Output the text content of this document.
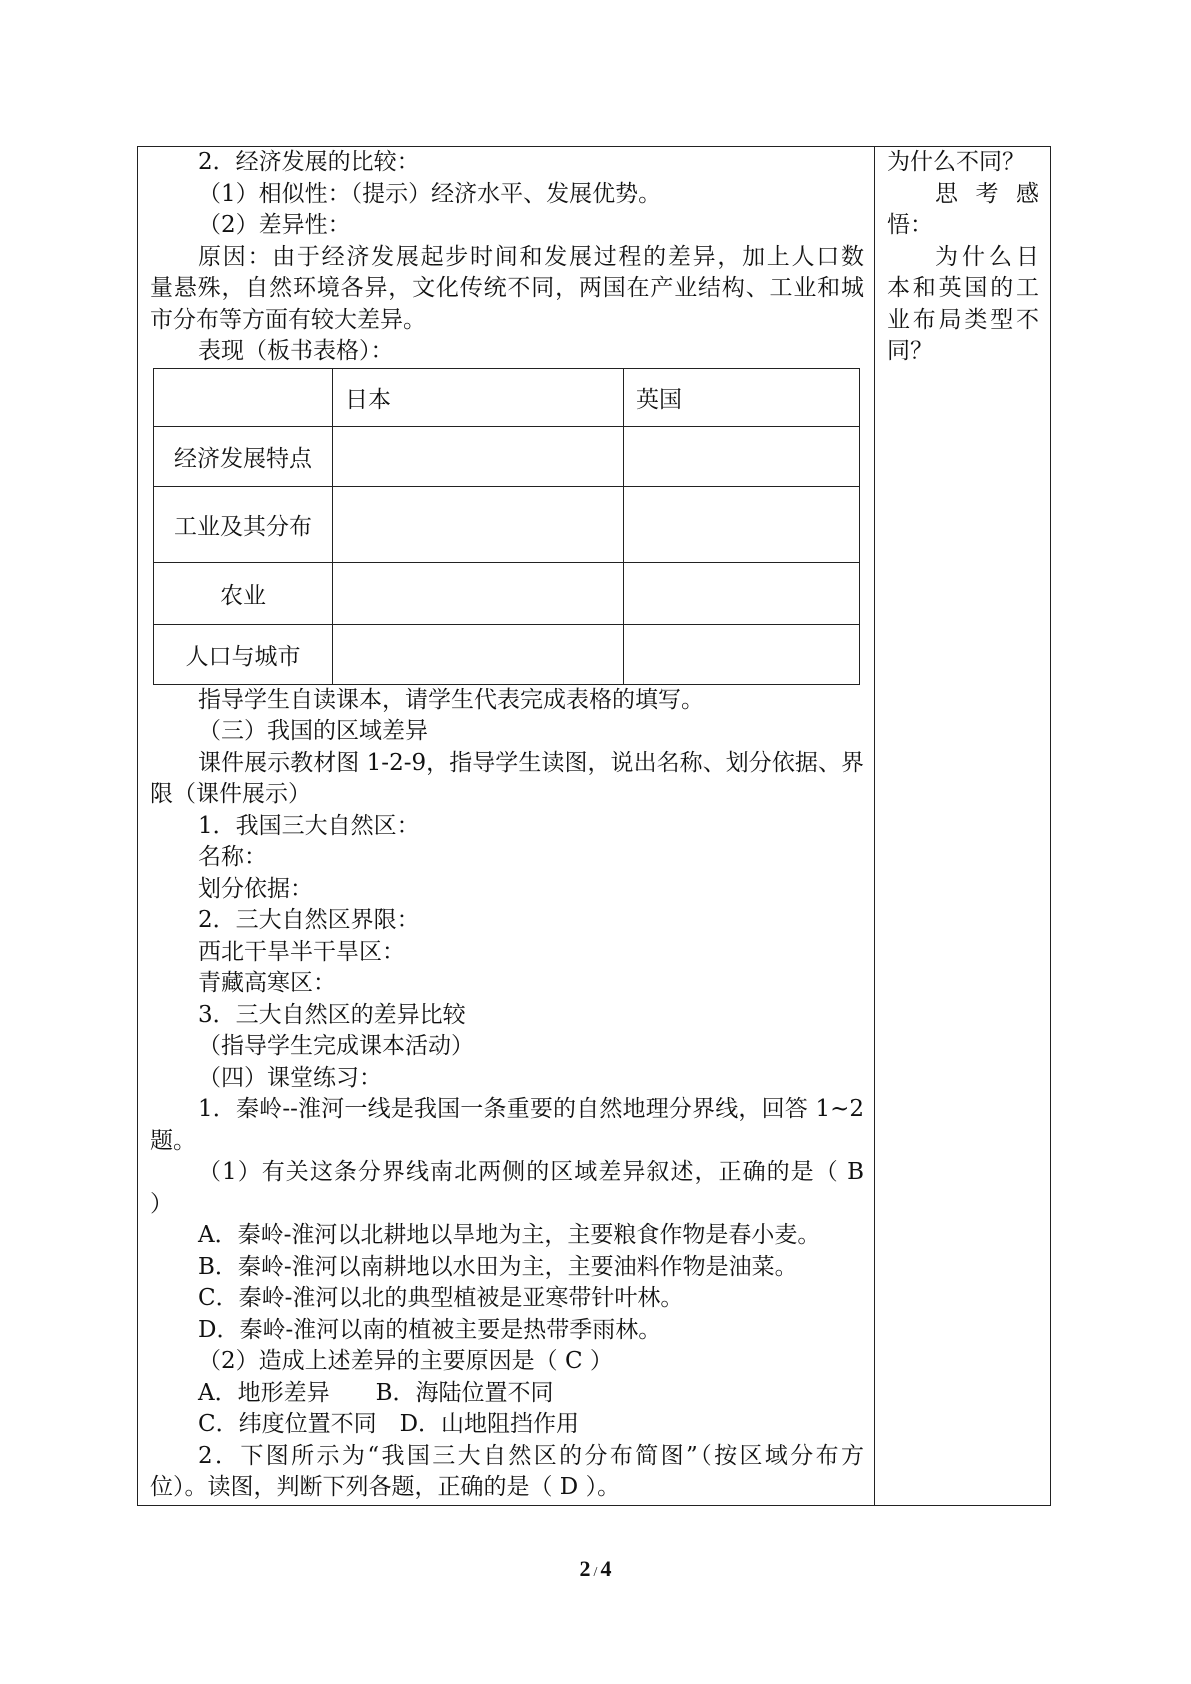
2．经济发展的比较：
（1）相似性：（提示）经济水平、发展优势。
（2）差异性：
原因：由于经济发展起步时间和发展过程的差异，加上人口数
量悬殊，自然环境各异，文化传统不同，两国在产业结构、工业和城
市分布等方面有较大差异。
表现（板书表格）：
日本	英国
经济发展特点
工业及其分布
农业
人口与城市
指导学生自读课本，请学生代表完成表格的填写。
（三）我国的区域差异
课件展示教材图 1-2-9，指导学生读图，说出名称、划分依据、界
限（课件展示）
1．我国三大自然区：
名称：
划分依据：
2．三大自然区界限：
西北干旱半干旱区：
青藏高寒区：
3．三大自然区的差异比较
（指导学生完成课本活动）
（四）课堂练习：
1．秦岭--淮河一线是我国一条重要的自然地理分界线，回答 1~2
题。
（1）有关这条分界线南北两侧的区域差异叙述，正确的是（ B
）
A．秦岭-淮河以北耕地以旱地为主，主要粮食作物是春小麦。
B．秦岭-淮河以南耕地以水田为主，主要油料作物是油菜。
C．秦岭-淮河以北的典型植被是亚寒带针叶林。
D．秦岭-淮河以南的植被主要是热带季雨林。
（2）造成上述差异的主要原因是（ C ）
A．地形差异　　B．海陆位置不同
C．纬度位置不同　D．山地阻挡作用
2．下图所示为“我国三大自然区的分布简图”（按区域分布方
位）。读图，判断下列各题，正确的是（ D ）。
为什么不同？
思考感
悟：
为什么日
本和英国的工
业布局类型不
同？
2 / 4
